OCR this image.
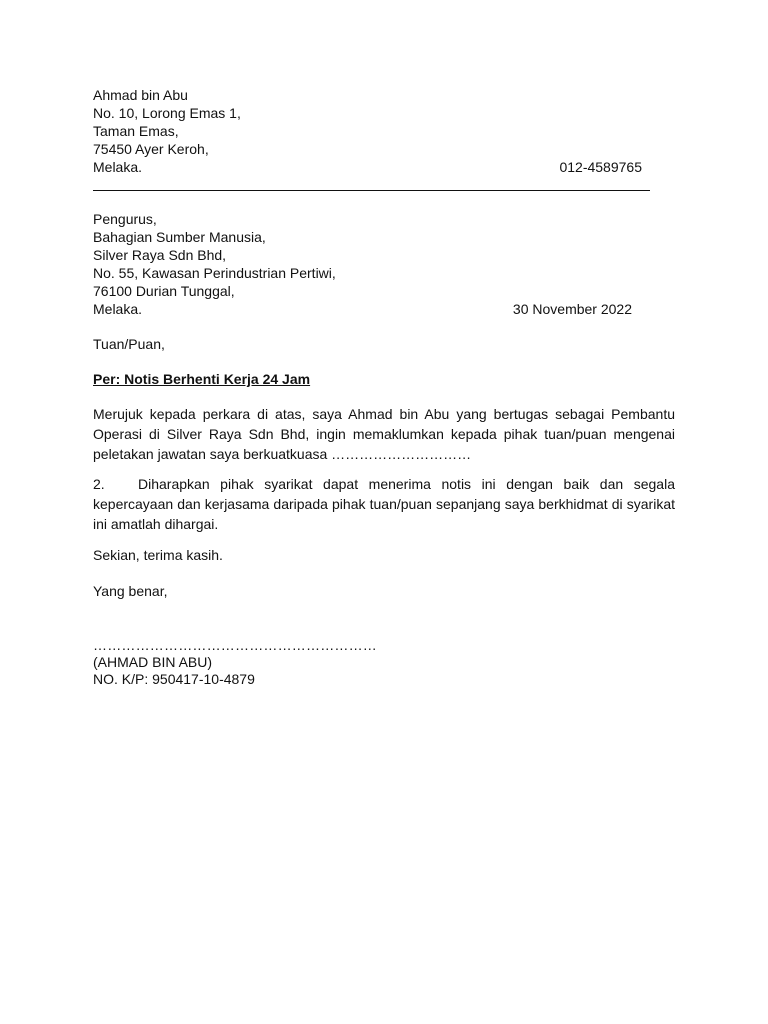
Ahmad bin Abu
No. 10, Lorong Emas 1,
Taman Emas,
75450 Ayer Keroh,
Melaka.	012-4589765
Pengurus,
Bahagian Sumber Manusia,
Silver Raya Sdn Bhd,
No. 55, Kawasan Perindustrian Pertiwi,
76100 Durian Tunggal,
Melaka.	30 November 2022
Tuan/Puan,
Per: Notis Berhenti Kerja 24 Jam
Merujuk kepada perkara di atas, saya Ahmad bin Abu yang bertugas sebagai Pembantu Operasi di Silver Raya Sdn Bhd, ingin memaklumkan kepada pihak tuan/puan mengenai peletakan jawatan saya berkuatkuasa …………………………
2. Diharapkan pihak syarikat dapat menerima notis ini dengan baik dan segala kepercayaan dan kerjasama daripada pihak tuan/puan sepanjang saya berkhidmat di syarikat ini amatlah dihargai.
Sekian, terima kasih.
Yang benar,
……………………………………………………
(AHMAD BIN ABU)
NO. K/P: 950417-10-4879
